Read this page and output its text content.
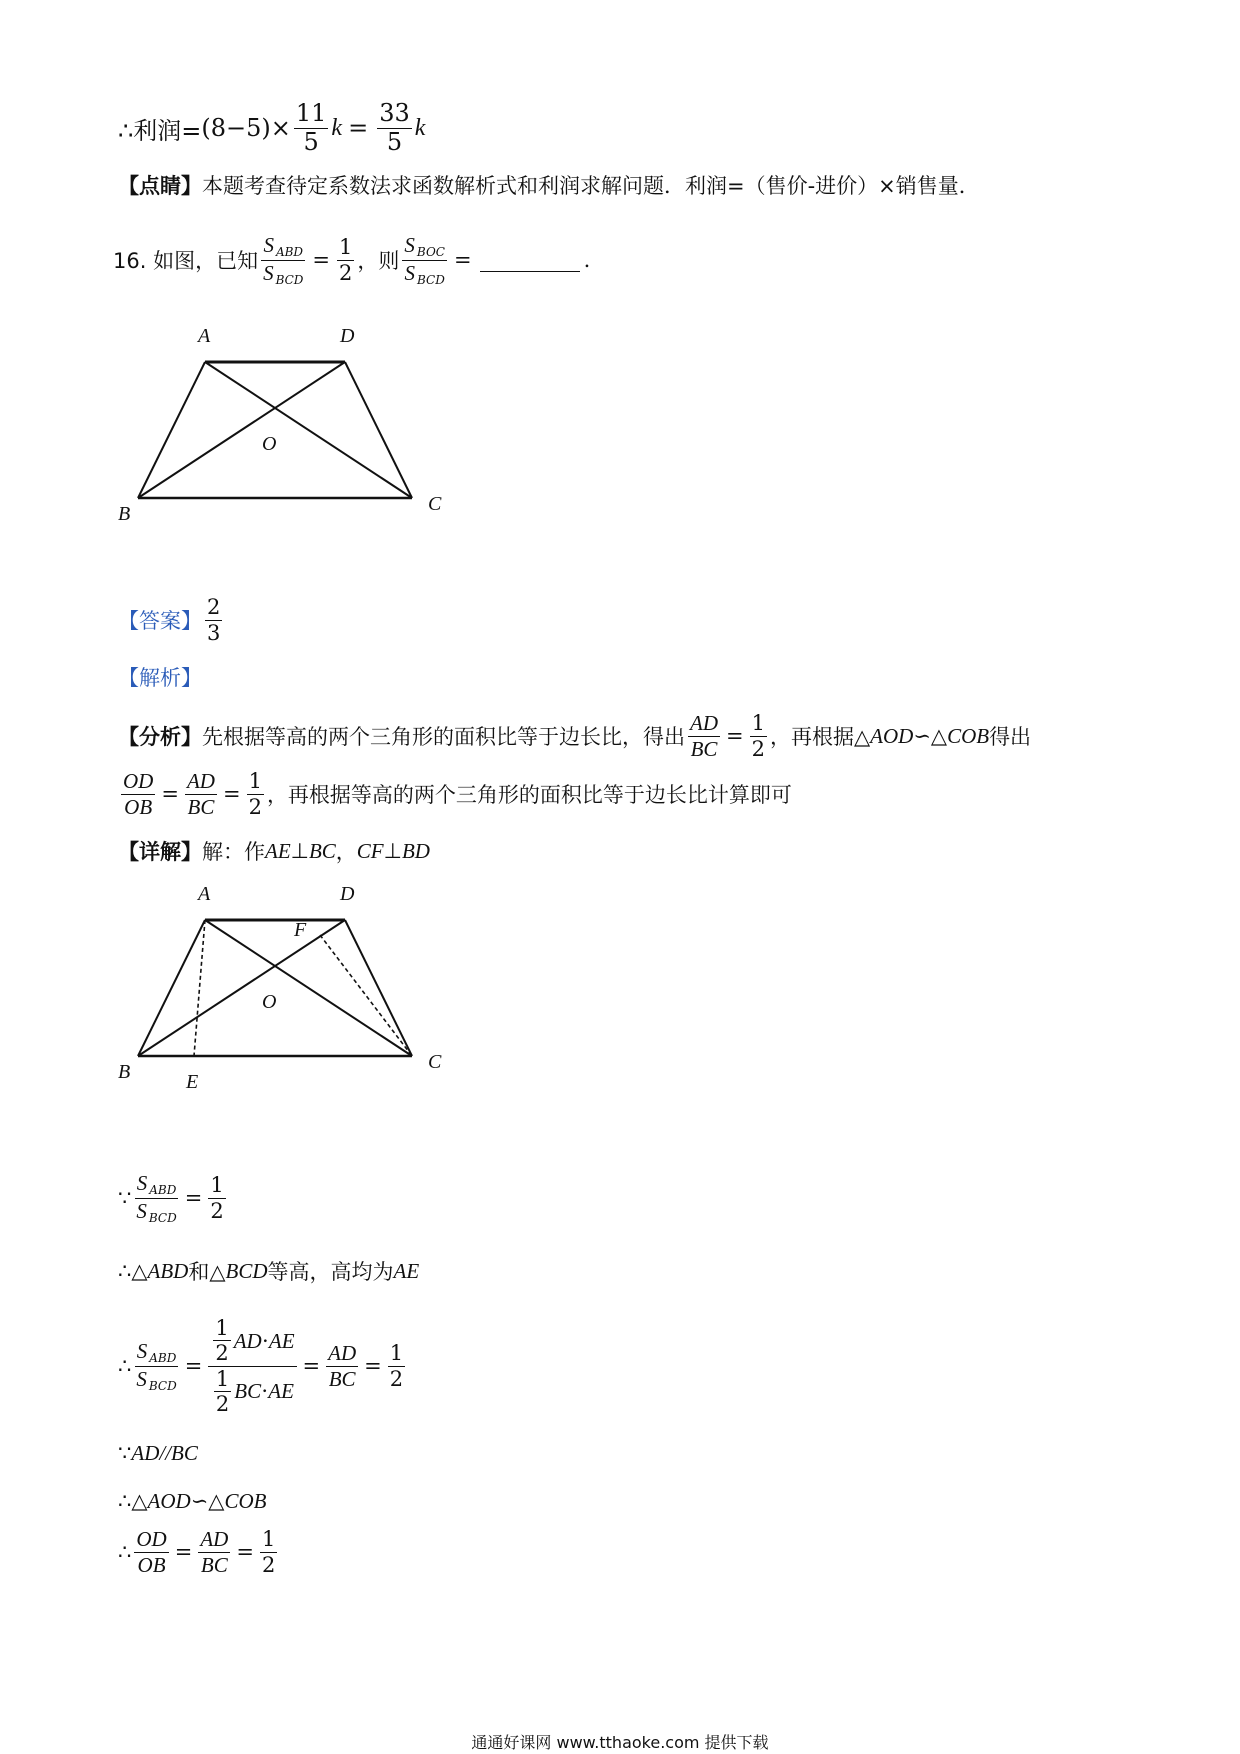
∴利润= $(8-5)\times \frac{11}{5}$ $k = \frac{33}{5}$ k
【点睛】 本题考查待定系数法求函数解析式和利润求解问题．利润=（售价-进价）×销售量．
16. 如图，已知 $\frac{S _{ABD}}{S _{BCD}} = \frac{1}{2}$ ，则 $\frac{S _{BOC}}{S _{BCD}}$ =	.
A	D
O
B	C
【答案】 $\frac{2}{3}$
【解析】
【分析】 先根据等高的两个三角形的面积比等于边长比，得出 $\frac{AD}{BC} = \frac{1}{2}$ ，再根据△ AOD ∽△ COB 得出
$\frac{OD}{OB} = \frac{AD}{BC} = \frac{1}{2}$ ，再根据等高的两个三角形的面积比等于边长比计算即可
【详解】 解：作 AE ⊥ BC ， CF ⊥ BD
A	D
F
O
B	E
C
∵ $\frac{S _{ABD}}{S _{BCD}} = \frac{1}{2}$
∴△ ABD 和△ BCD 等高，高均为 AE
∴ $\frac{S _{ABD}}{S _{BCD}} = \frac{\frac{1}{2} AD\cdot AE}{\frac{1}{2} BC\cdot AE} = \frac{AD}{BC} = \frac{1}{2}$
∵ AD // BC
∴△ AOD ∽△ COB
∴ $\frac{OD}{OB} = \frac{AD}{BC} = \frac{1}{2}$
通通好课网 www.tthaoke.com 提供下载
